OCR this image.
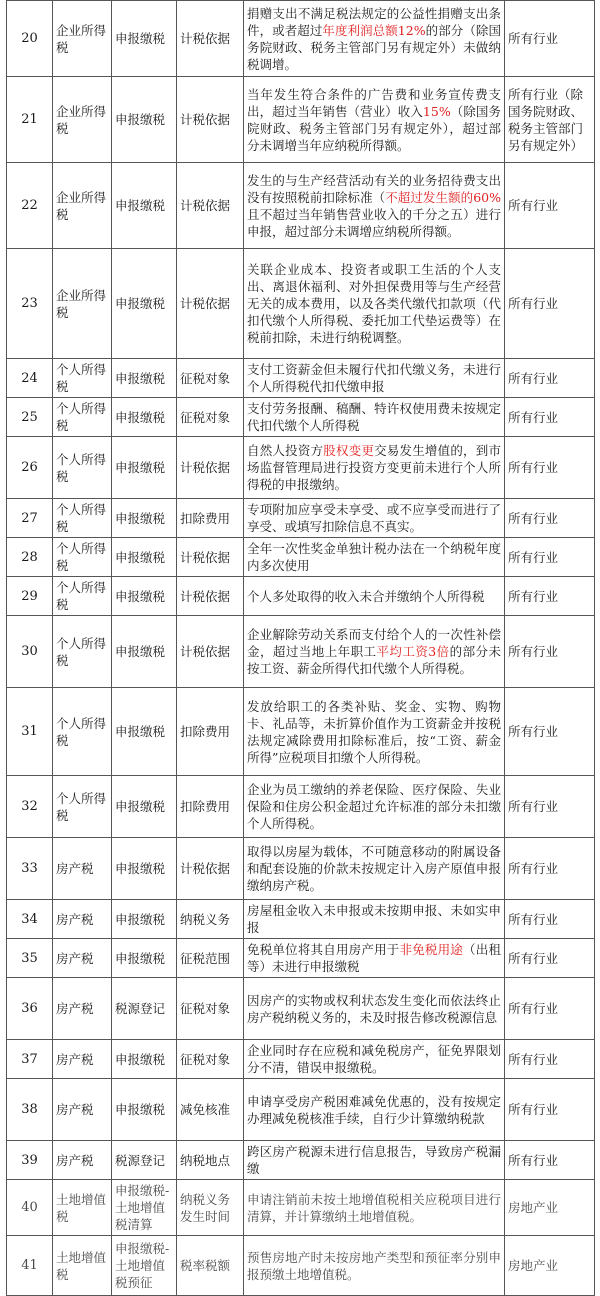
20	企业所得税	申报缴税	计税依据	捐赠支出不满足税法规定的公益性捐赠支出条件，或者超过年度利润总额12%的部分（除国务院财政、税务主管部门另有规定外）未做纳税调增。	所有行业
21	企业所得税	申报缴税	计税依据	当年发生符合条件的广告费和业务宣传费支出，超过当年销售（营业）收入15%（除国务院财政、税务主管部门另有规定外），超过部分未调增当年应纳税所得额。	所有行业（除国务院财政、税务主管部门另有规定外）
22	企业所得税	申报缴税	计税依据	发生的与生产经营活动有关的业务招待费支出没有按照税前扣除标准（不超过发生额的60%且不超过当年销售营业收入的千分之五）进行申报，超过部分未调增应纳税所得额。	所有行业
23	企业所得税	申报缴税	计税依据	关联企业成本、投资者或职工生活的个人支出、离退休福利、对外担保费用等与生产经营无关的成本费用，以及各类代缴代扣款项（代扣代缴个人所得税、委托加工代垫运费等）在税前扣除，未进行纳税调整。	所有行业
24	个人所得税	申报缴税	征税对象	支付工资薪金但未履行代扣代缴义务，未进行个人所得税代扣代缴申报	所有行业
25	个人所得税	申报缴税	征税对象	支付劳务报酬、稿酬、特许权使用费未按规定代扣代缴个人所得税	所有行业
26	个人所得税	申报缴税	计税依据	自然人投资方股权变更交易发生增值的，到市场监督管理局进行投资方变更前未进行个人所得税的申报缴纳。	所有行业
27	个人所得税	申报缴税	扣除费用	专项附加应享受未享受、或不应享受而进行了享受、或填写扣除信息不真实。	所有行业
28	个人所得税	申报缴税	计税依据	全年一次性奖金单独计税办法在一个纳税年度内多次使用	所有行业
29	个人所得税	申报缴税	计税依据	个人多处取得的收入未合并缴纳个人所得税	所有行业
30	个人所得税	申报缴税	计税依据	企业解除劳动关系而支付给个人的一次性补偿金，超过当地上年职工平均工资3倍的部分未按工资、薪金所得代扣代缴个人所得税。	所有行业
31	个人所得税	申报缴税	扣除费用	发放给职工的各类补贴、奖金、实物、购物卡、礼品等，未折算价值作为工资薪金并按税法规定减除费用扣除标准后，按“工资、薪金所得”应税项目扣缴个人所得税。	所有行业
32	个人所得税	申报缴税	扣除费用	企业为员工缴纳的养老保险、医疗保险、失业保险和住房公积金超过允许标准的部分未扣缴个人所得税。	所有行业
33	房产税	申报缴税	计税依据	取得以房屋为载体，不可随意移动的附属设备和配套设施的价款未按规定计入房产原值申报缴纳房产税。	所有行业
34	房产税	申报缴税	纳税义务	房屋租金收入未申报或未按期申报、未如实申报	所有行业
35	房产税	申报缴税	征税范围	免税单位将其自用房产用于非免税用途（出租等）未进行申报缴税	所有行业
36	房产税	税源登记	征税对象	因房产的实物或权利状态发生变化而依法终止房产税纳税义务的，未及时报告修改税源信息	所有行业
37	房产税	申报缴税	征税对象	企业同时存在应税和减免税房产，征免界限划分不清，错误申报缴税。	所有行业
38	房产税	申报缴税	减免核准	申请享受房产税困难减免优惠的，没有按规定办理减免税核准手续，自行少计算缴纳税款	所有行业
39	房产税	税源登记	纳税地点	跨区房产税源未进行信息报告，导致房产税漏缴	所有行业
40	土地增值税	申报缴税-土地增值税清算	纳税义务发生时间	申请注销前未按土地增值税相关应税项目进行清算，并计算缴纳土地增值税。	房地产业
41	土地增值税	申报缴税-土地增值税预征	税率税额	预售房地产时未按房地产类型和预征率分别申报预缴土地增值税。	房地产业
